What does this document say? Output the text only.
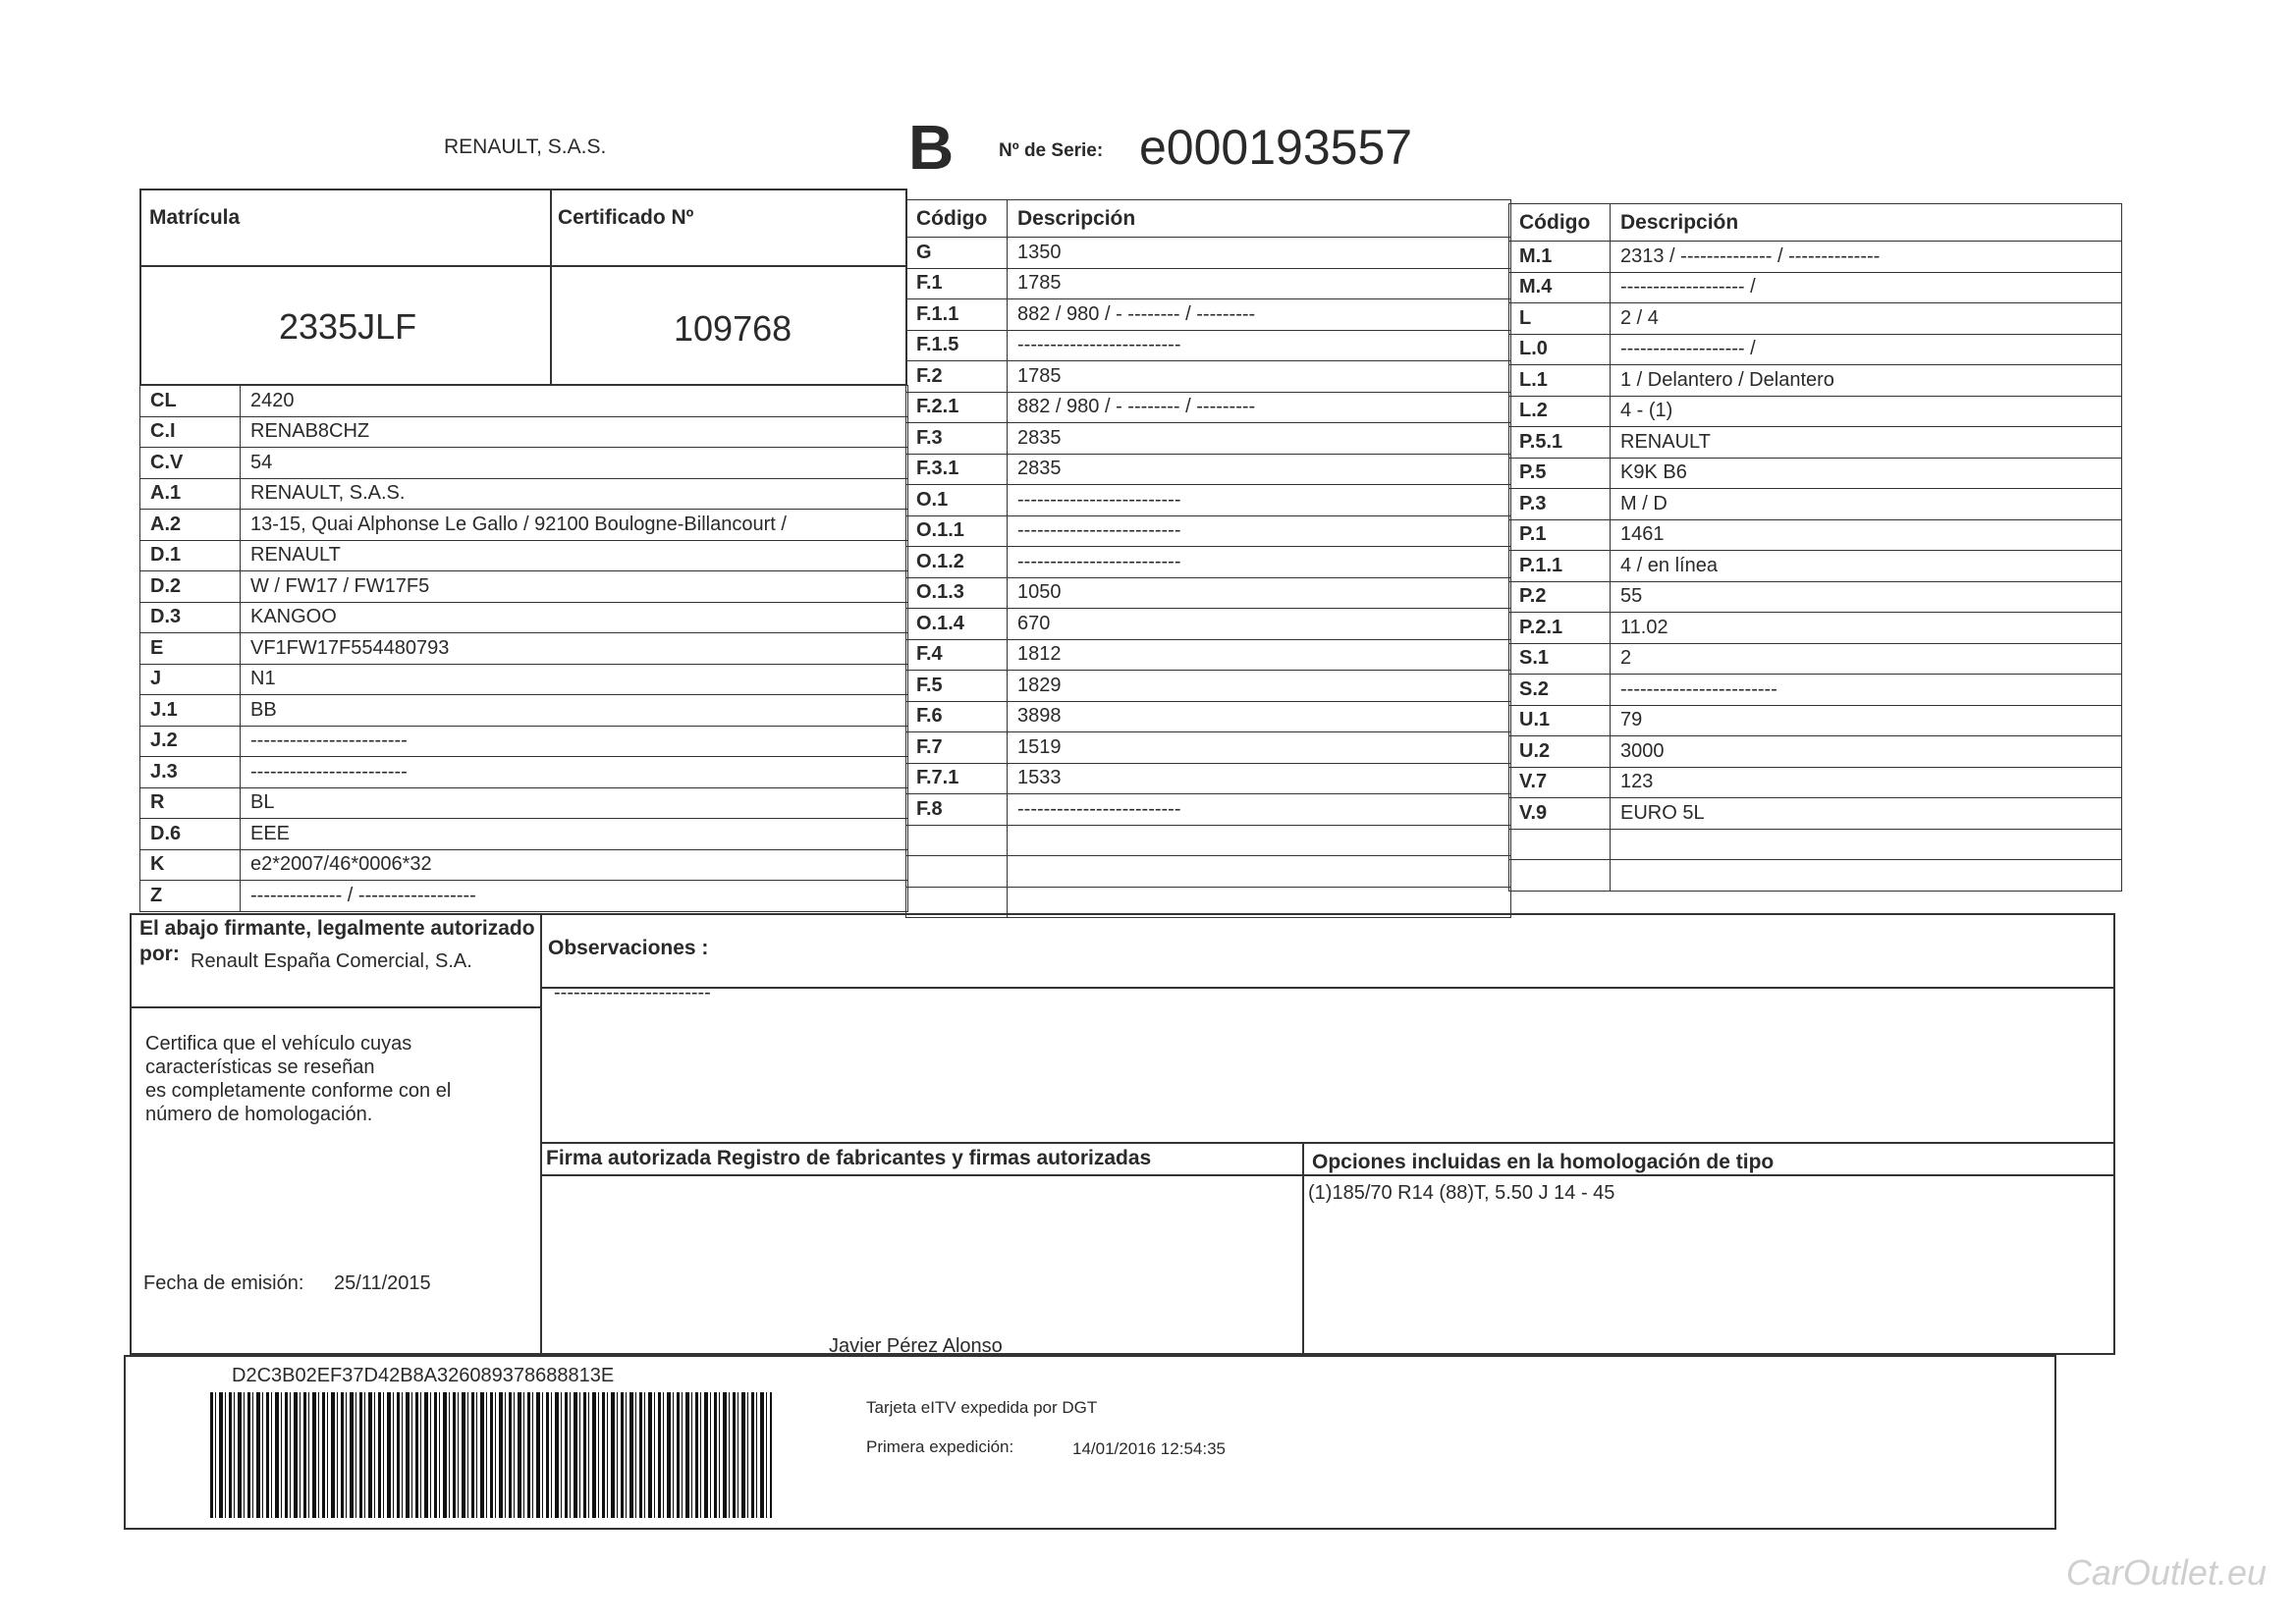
RENAULT, S.A.S.	B Nº de Serie: e000193557
Matrícula	Certificado Nº
2335JLF	109768
CL	2420
C.I	RENAB8CHZ
C.V	54
A.1	RENAULT, S.A.S.
A.2	13-15, Quai Alphonse Le Gallo / 92100 Boulogne-Billancourt /
D.1	RENAULT
D.2	W / FW17 / FW17F5
D.3	KANGOO
E	VF1FW17F554480793
J	N1
J.1	BB
J.2	------------------------
J.3	------------------------
R	BL
D.6	EEE
K	e2*2007/46*0006*32
Z	-------------- / ------------------
Código	Descripción
G	1350
F.1	1785
F.1.1	882 / 980 / - -------- / ---------
F.1.5	-------------------------
F.2	1785
F.2.1	882 / 980 / - -------- / ---------
F.3	2835
F.3.1	2835
O.1	-------------------------
O.1.1	-------------------------
O.1.2	-------------------------
O.1.3	1050
O.1.4	670
F.4	1812
F.5	1829
F.6	3898
F.7	1519
F.7.1	1533
F.8	-------------------------

Código	Descripción
M.1	2313 / -------------- / --------------
M.4	------------------- /
L	2 / 4
L.0	------------------- /
L.1	1 / Delantero / Delantero
L.2	4 - (1)
P.5.1	RENAULT
P.5	K9K B6
P.3	M / D
P.1	1461
P.1.1	4 / en línea
P.2	55
P.2.1	11.02
S.1	2
S.2	------------------------
U.1	79
U.2	3000
V.7	123
V.9	EURO 5L

El abajo firmante, legalmente autorizado
por: Renault España Comercial, S.A.
Certifica que el vehículo cuyas
características se reseñan
es completamente conforme con el
número de homologación.
Fecha de emisión: 25/11/2015
Observaciones :
------------------------
Firma autorizada Registro de fabricantes y firmas autorizadas
Javier Pérez Alonso
Opciones incluidas en la homologación de tipo
(1)185/70 R14 (88)T, 5.50 J 14 - 45
D2C3B02EF37D42B8A326089378688813E
Tarjeta eITV expedida por DGT
Primera expedición:	14/01/2016 12:54:35
CarOutlet.eu
